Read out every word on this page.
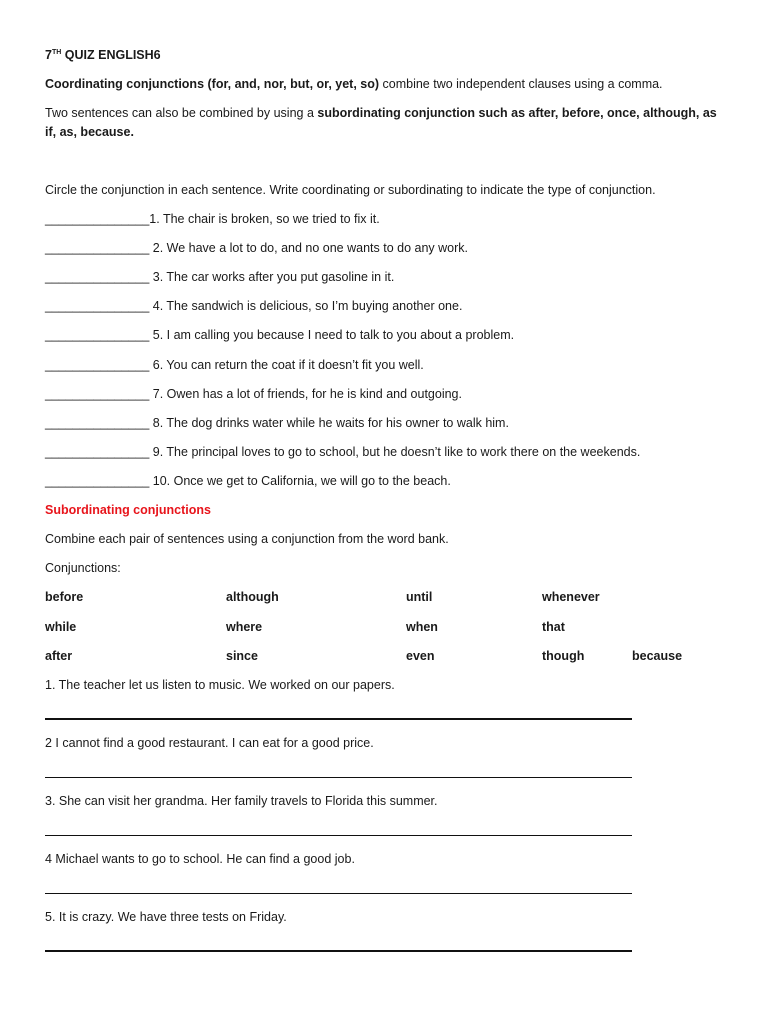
7TH QUIZ ENGLISH6
Coordinating conjunctions (for, and, nor, but, or, yet, so) combine two independent clauses using a comma.
Two sentences can also be combined by using a subordinating conjunction such as after, before, once, although, as if, as, because.
Circle the conjunction in each sentence. Write coordinating or subordinating to indicate the type of conjunction.
_______________1. The chair is broken, so we tried to fix it.
_______________ 2. We have a lot to do, and no one wants to do any work.
_______________ 3. The car works after you put gasoline in it.
_______________ 4. The sandwich is delicious, so I’m buying another one.
_______________ 5. I am calling you because I need to talk to you about a problem.
_______________ 6. You can return the coat if it doesn’t fit you well.
_______________ 7. Owen has a lot of friends, for he is kind and outgoing.
_______________ 8. The dog drinks water while he waits for his owner to walk him.
_______________ 9. The principal loves to go to school, but he doesn’t like to work there on the weekends.
_______________ 10. Once we get to California, we will go to the beach.
Subordinating conjunctions
Combine each pair of sentences using a conjunction from the word bank.
Conjunctions:
before	although	until	whenever
while	where	when	that
after	since	even	though	because
1. The teacher let us listen to music. We worked on our papers.
2 I cannot find a good restaurant. I can eat for a good price.
3. She can visit her grandma. Her family travels to Florida this summer.
4 Michael wants to go to school. He can find a good job.
5. It is crazy. We have three tests on Friday.
